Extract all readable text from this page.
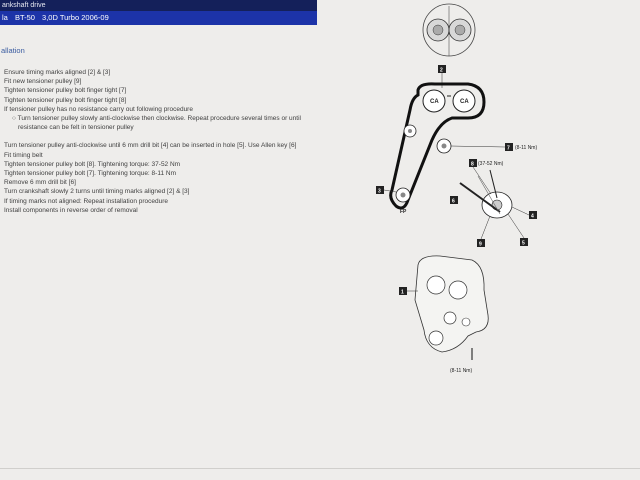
ankshaft drive
la BT-50 3,0D Turbo 2006-09
allation
Ensure timing marks aligned [2] & [3]
Fit new tensioner pulley [9]
Tighten tensioner pulley bolt finger tight [7]
Tighten tensioner pulley bolt finger tight [8]
If tensioner pulley has no resistance carry out following procedure
○ Turn tensioner pulley slowly anti-clockwise then clockwise. Repeat procedure several times or until resistance can be felt in tensioner pulley
Turn tensioner pulley anti-clockwise until 6 mm drill bit [4] can be inserted in hole [5]. Use Allen key [6]
Fit timing belt
Tighten tensioner pulley bolt [8]. Tightening torque: 37-52 Nm
Tighten tensioner pulley bolt [7]. Tightening torque: 8-11 Nm
Remove 6 mm drill bit [6]
Turn crankshaft slowly 2 turns until timing marks aligned [2] & [3]
If timing marks not aligned: Repeat installation procedure
Install components in reverse order of removal
2
CA	CA
FP
3
7 (8-11 Nm)
8 (37-52 Nm)
6
4
9	5
1
(8-11 Nm)
